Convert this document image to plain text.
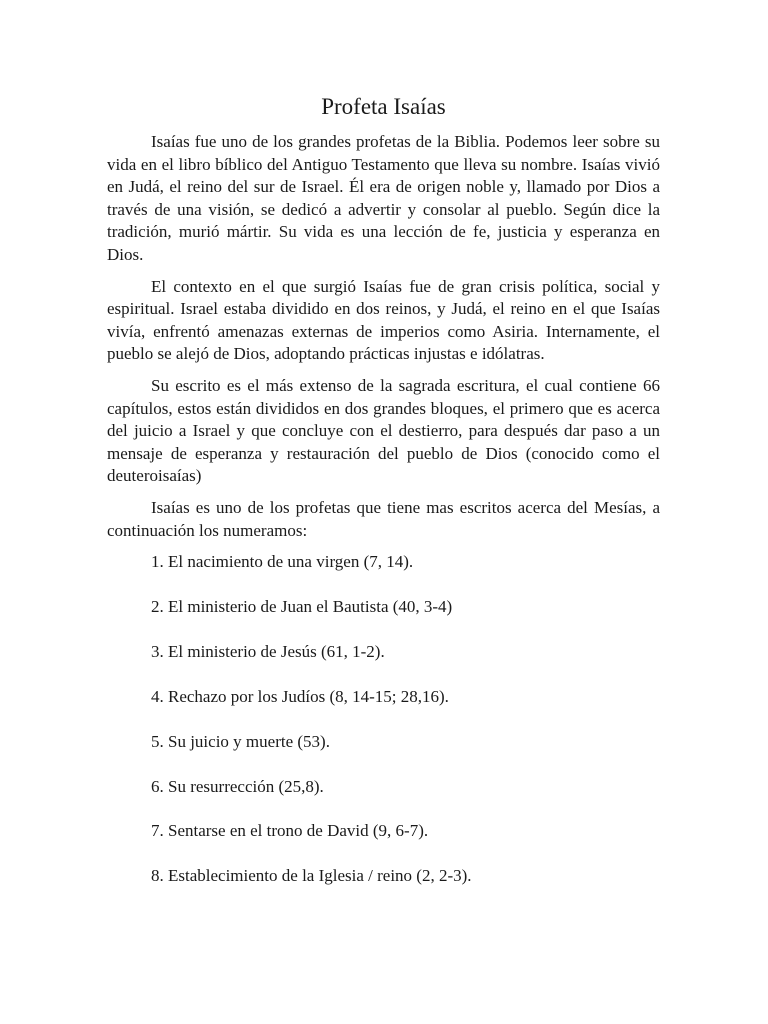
Profeta Isaías

Isaías fue uno de los grandes profetas de la Biblia. Podemos leer sobre su vida en el libro bíblico del Antiguo Testamento que lleva su nombre. Isaías vivió en Judá, el reino del sur de Israel. Él era de origen noble y, llamado por Dios a través de una visión, se dedicó a advertir y consolar al pueblo. Según dice la tradición, murió mártir. Su vida es una lección de fe, justicia y esperanza en Dios.

El contexto en el que surgió Isaías fue de gran crisis política, social y espiritual. Israel estaba dividido en dos reinos, y Judá, el reino en el que Isaías vivía, enfrentó amenazas externas de imperios como Asiria. Internamente, el pueblo se alejó de Dios, adoptando prácticas injustas e idólatras.

Su escrito es el más extenso de la sagrada escritura, el cual contiene 66 capítulos, estos están divididos en dos grandes bloques, el primero que es acerca del juicio a Israel y que concluye con el destierro, para después dar paso a un mensaje de esperanza y restauración del pueblo de Dios (conocido como el deuteroisaías)

Isaías es uno de los profetas que tiene mas escritos acerca del Mesías, a continuación los numeramos:

1. El nacimiento de una virgen (7, 14).
2. El ministerio de Juan el Bautista (40, 3-4)
3. El ministerio de Jesús (61, 1-2).
4. Rechazo por los Judíos (8, 14-15; 28,16).
5. Su juicio y muerte (53).
6. Su resurrección (25,8).
7. Sentarse en el trono de David (9, 6-7).
8. Establecimiento de la Iglesia / reino (2, 2-3).
